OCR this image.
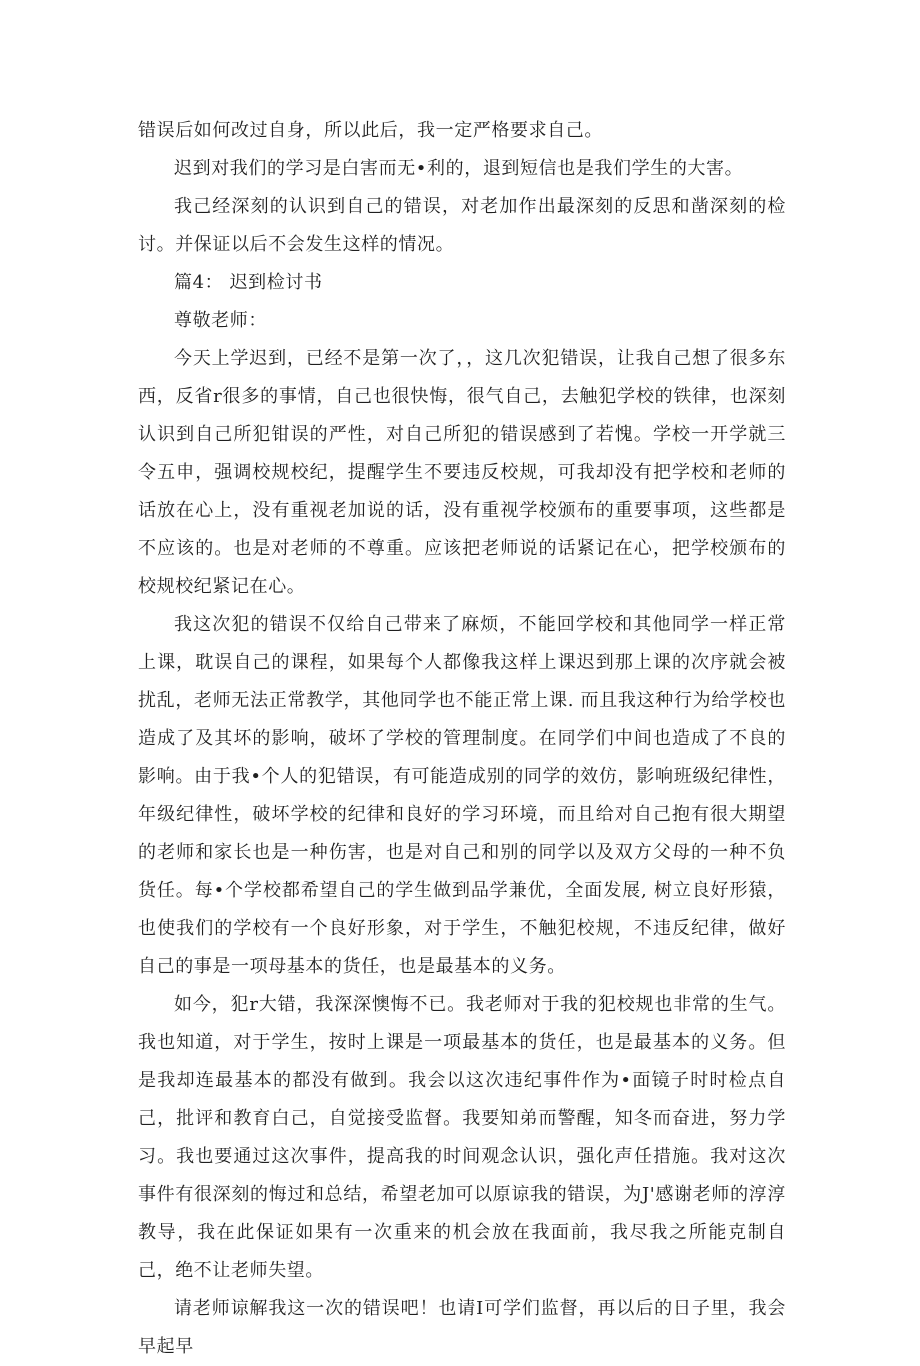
错误后如何改过自身，所以此后，我一定严格要求自己。

迟到对我们的学习是白害而无•利的，退到短信也是我们学生的大害。

我己经深刻的认识到自己的错误，对老加作出最深刻的反思和凿深刻的检讨。并保证以后不会发生这样的情况。

篇4： 迟到检讨书

尊敬老师：

今天上学迟到，已经不是第一次了，，这几次犯错误，让我自己想了很多东西，反省r很多的事情，自己也很快悔，很气自己，去触犯学校的铁律，也深刻认识到自己所犯钳误的严性，对自己所犯的错误感到了若愧。学校一开学就三令五申，强调校规校纪，提醒学生不要违反校规，可我却没有把学校和老师的话放在心上，没有重视老加说的话，没有重视学校颁布的重要事项，这些都是不应该的。也是对老师的不尊重。应该把老师说的话紧记在心，把学校颁布的校规校纪紧记在心。

我这次犯的错误不仅给自己带来了麻烦，不能回学校和其他同学一样正常上课，耽误自己的课程，如果每个人都像我这样上课迟到那上课的次序就会被扰乱，老师无法正常教学，其他同学也不能正常上课. 而且我这种行为给学校也造成了及其坏的影响，破坏了学校的管理制度。在同学们中间也造成了不良的影响。由于我•个人的犯错误，有可能造成别的同学的效仿，影响班级纪律性，年级纪律性，破坏学校的纪律和良好的学习环境，而且给对自己抱有很大期望的老师和家长也是一种伤害，也是对自己和别的同学以及双方父母的一种不负货任。每•个学校都希望自己的学生做到品学兼优，全面发展, 树立良好形猿，也使我们的学校有一个良好形象，对于学生，不触犯校规，不违反纪律，做好自己的事是一项母基本的货任，也是最基本的义务。

如今，犯r大错，我深深懊悔不已。我老师对于我的犯校规也非常的生气。我也知道，对于学生，按时上课是一项最基本的货任，也是最基本的义务。但是我却连最基本的都没有做到。我会以这次违纪事件作为•面镜子时时检点自己，批评和教育白己，自觉接受监督。我要知弟而警醒，知冬而奋进，努力学习。我也要通过这次事件，提高我的时间观念认识，强化声任措施。我对这次事件有很深刻的悔过和总结，希望老加可以原谅我的错误，为J'感谢老师的淳淳教导，我在此保证如果有一次重来的机会放在我面前，我尽我之所能克制自己，绝不让老师失望。

请老师谅解我这一次的错误吧！也请I可学们监督，再以后的日子里，我会早起早
